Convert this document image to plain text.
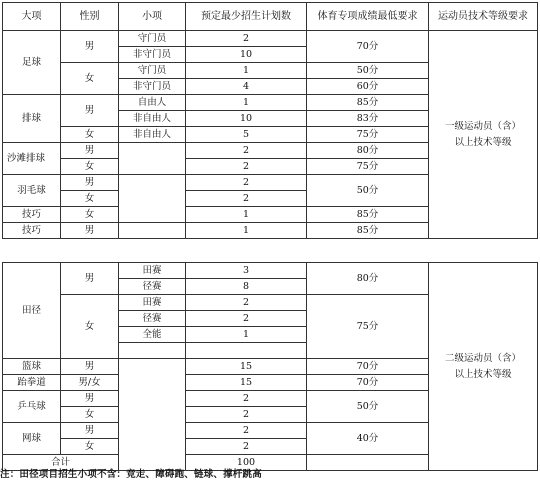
大项	性别	小项	预定最少招生计划数	体育专项成绩最低要求	运动员技术等级要求
足球	男	守门员	2	70分	一级运动员（含）以上技术等级
		非守门员	10		
	女	守门员	1	50分	
		非守门员	4	60分	
排球	男	自由人	1	85分	
		非自由人	10	83分	
	女	非自由人	5	75分	
沙滩排球	男		2	80分	
	女		2	75分	
羽毛球	男		2	50分	
	女		2		
技巧	女		1	85分	
技巧	男		1	85分	
田径	男	田赛	3	80分	二级运动员（含）以上技术等级
		径赛	8		
	女	田赛	2	75分	
		径赛	2		
		全能	1		

篮球	男		15	70分	
跆拳道	男/女		15	70分	
乒乓球	男		2	50分	
	女		2		
网球	男		2	40分	
	女		2		
合计			100		
注：田径项目招生小项不含：竞走、障碍跑、链球、撑杆跳高
